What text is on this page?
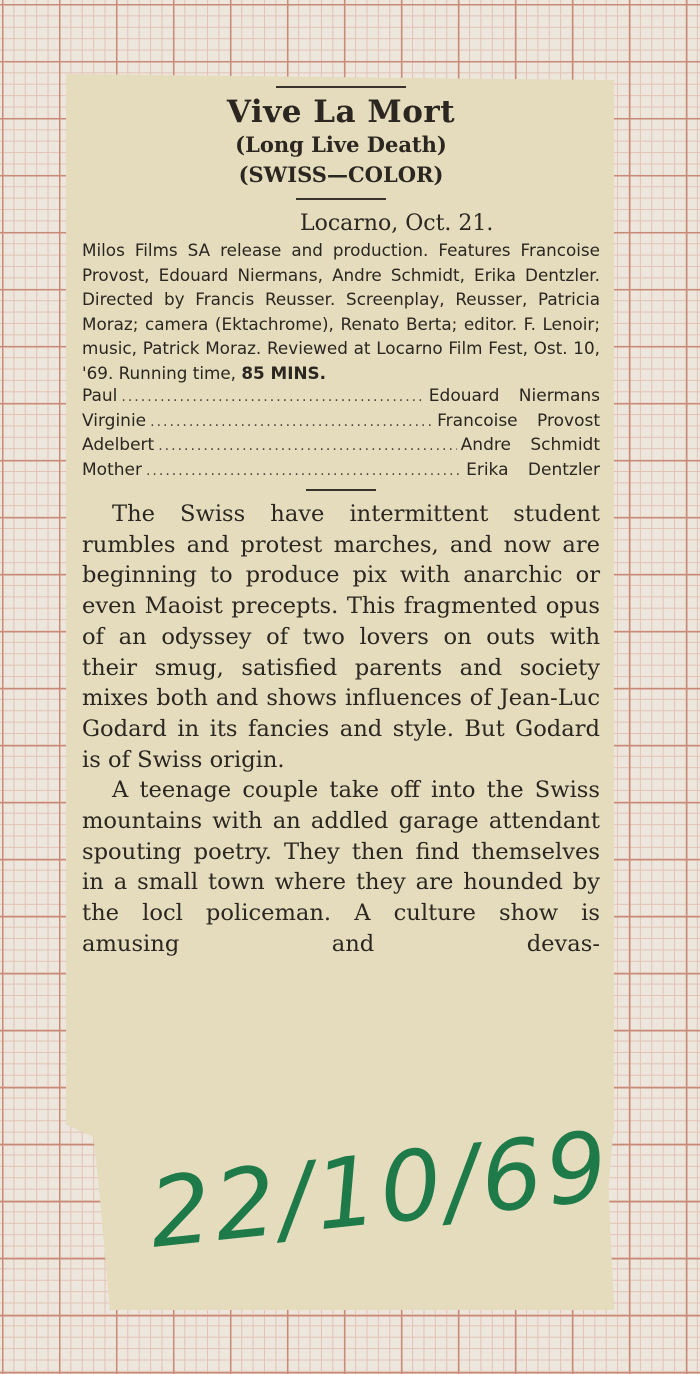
Vive La Mort
(Long Live Death)
(SWISS—COLOR)
Locarno, Oct. 21.
Milos Films SA release and production. Features Francoise Provost, Edouard Niermans, Andre Schmidt, Erika Dentzler. Directed by Francis Reusser. Screenplay, Reusser, Patricia Moraz; camera (Ektachrome), Renato Berta; editor. F. Lenoir; music, Patrick Moraz. Reviewed at Locarno Film Fest, Ost. 10, '69. Running time, 85 MINS.
Paul .....	Edouard Niermans
Virginie .....	Francoise Provost
Adelbert .....	Andre Schmidt
Mother .....	Erika Dentzler

The Swiss have intermittent student rumbles and protest marches, and now are beginning to produce pix with anarchic or even Maoist precepts. This fragmented opus of an odyssey of two lovers on outs with their smug, satisfied parents and society mixes both and shows influences of Jean-Luc Godard in its fancies and style. But Godard is of Swiss origin.

A teenage couple take off into the Swiss mountains with an addled garage attendant spouting poetry. They then find themselves in a small town where they are hounded by the locl policeman. A culture show is amusing and devas-

22/10/69
